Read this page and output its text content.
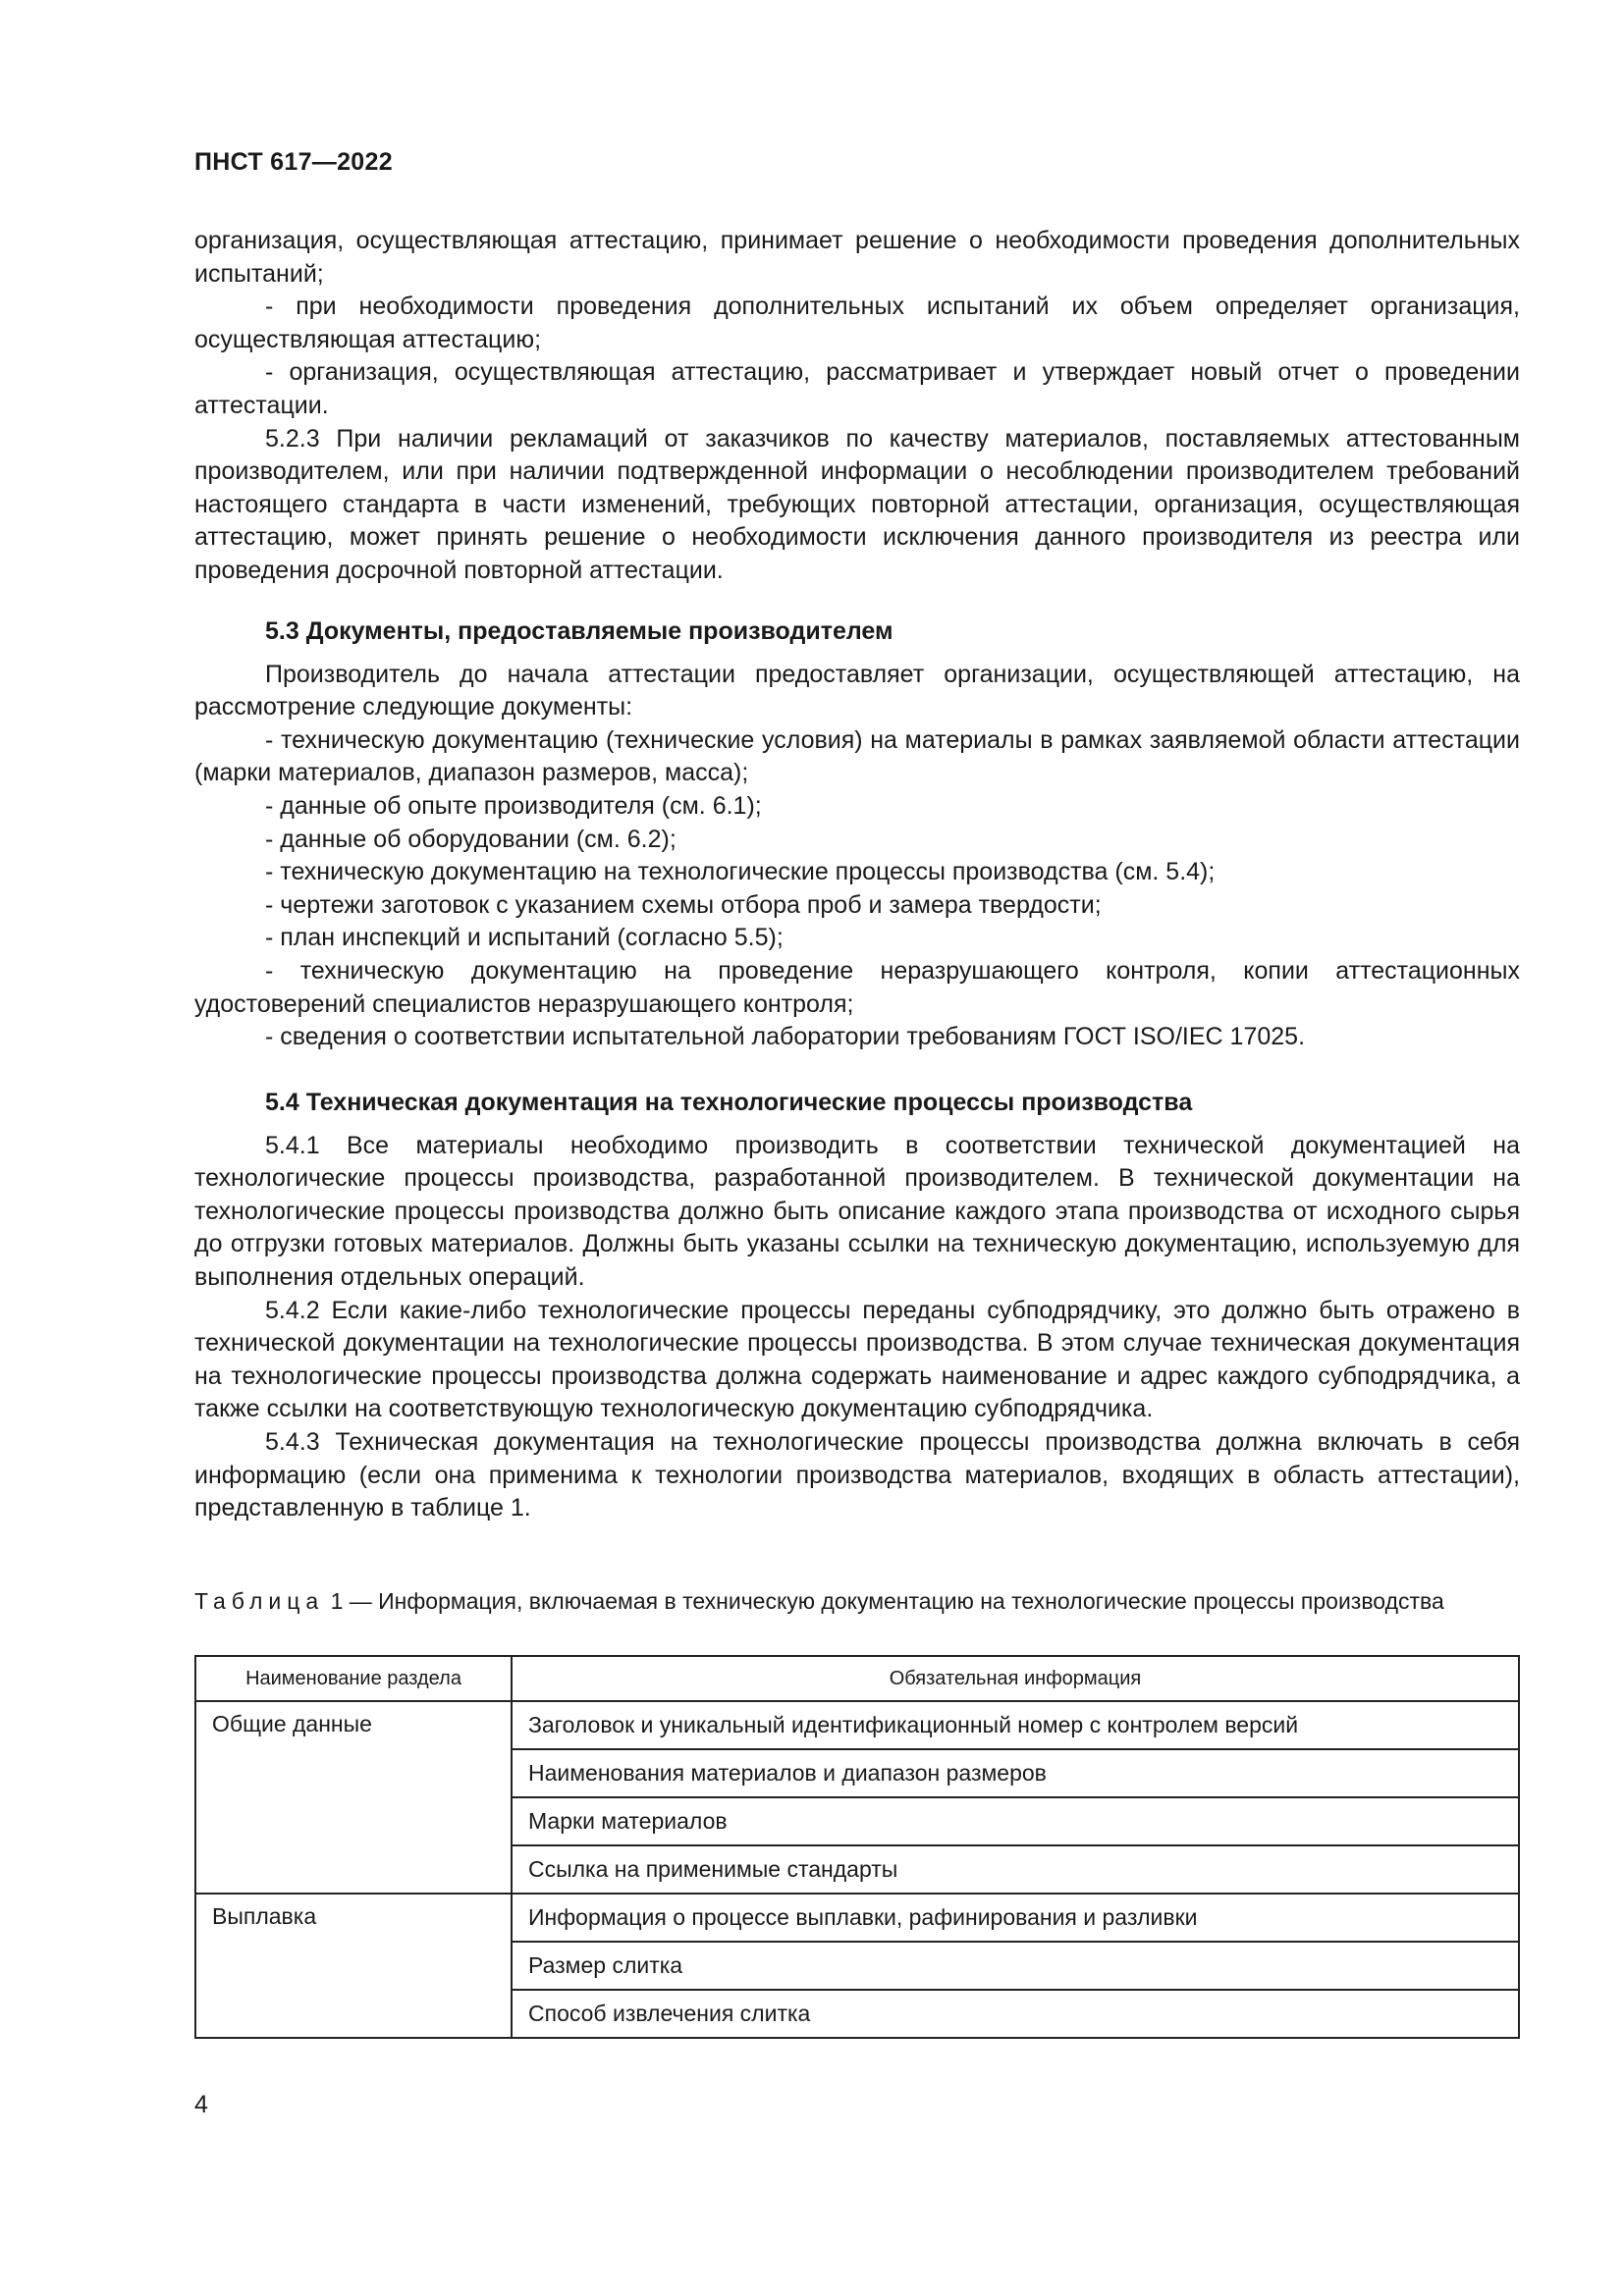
ПНСТ 617—2022

организация, осуществляющая аттестацию, принимает решение о необходимости проведения дополнительных испытаний;

- при необходимости проведения дополнительных испытаний их объем определяет организация, осуществляющая аттестацию;

- организация, осуществляющая аттестацию, рассматривает и утверждает новый отчет о проведении аттестации.

5.2.3 При наличии рекламаций от заказчиков по качеству материалов, поставляемых аттестованным производителем, или при наличии подтвержденной информации о несоблюдении производителем требований настоящего стандарта в части изменений, требующих повторной аттестации, организация, осуществляющая аттестацию, может принять решение о необходимости исключения данного производителя из реестра или проведения досрочной повторной аттестации.

5.3 Документы, предоставляемые производителем

Производитель до начала аттестации предоставляет организации, осуществляющей аттестацию, на рассмотрение следующие документы:

- техническую документацию (технические условия) на материалы в рамках заявляемой области аттестации (марки материалов, диапазон размеров, масса);

- данные об опыте производителя (см. 6.1);

- данные об оборудовании (см. 6.2);

- техническую документацию на технологические процессы производства (см. 5.4);

- чертежи заготовок с указанием схемы отбора проб и замера твердости;

- план инспекций и испытаний (согласно 5.5);

- техническую документацию на проведение неразрушающего контроля, копии аттестационных удостоверений специалистов неразрушающего контроля;

- сведения о соответствии испытательной лаборатории требованиям ГОСТ ISO/IEC 17025.

5.4 Техническая документация на технологические процессы производства

5.4.1 Все материалы необходимо производить в соответствии технической документацией на технологические процессы производства, разработанной производителем. В технической документации на технологические процессы производства должно быть описание каждого этапа производства от исходного сырья до отгрузки готовых материалов. Должны быть указаны ссылки на техническую документацию, используемую для выполнения отдельных операций.

5.4.2 Если какие-либо технологические процессы переданы субподрядчику, это должно быть отражено в технической документации на технологические процессы производства. В этом случае техническая документация на технологические процессы производства должна содержать наименование и адрес каждого субподрядчика, а также ссылки на соответствующую технологическую документацию субподрядчика.

5.4.3 Техническая документация на технологические процессы производства должна включать в себя информацию (если она применима к технологии производства материалов, входящих в область аттестации), представленную в таблице 1.

Таблица 1 — Информация, включаемая в техническую документацию на технологические процессы производства
Наименование раздела	Обязательная информация
Общие данные	Заголовок и уникальный идентификационный номер с контролем версий
	Наименования материалов и диапазон размеров
	Марки материалов
	Ссылка на применимые стандарты
Выплавка	Информация о процессе выплавки, рафинирования и разливки
	Размер слитка
	Способ извлечения слитка
4
